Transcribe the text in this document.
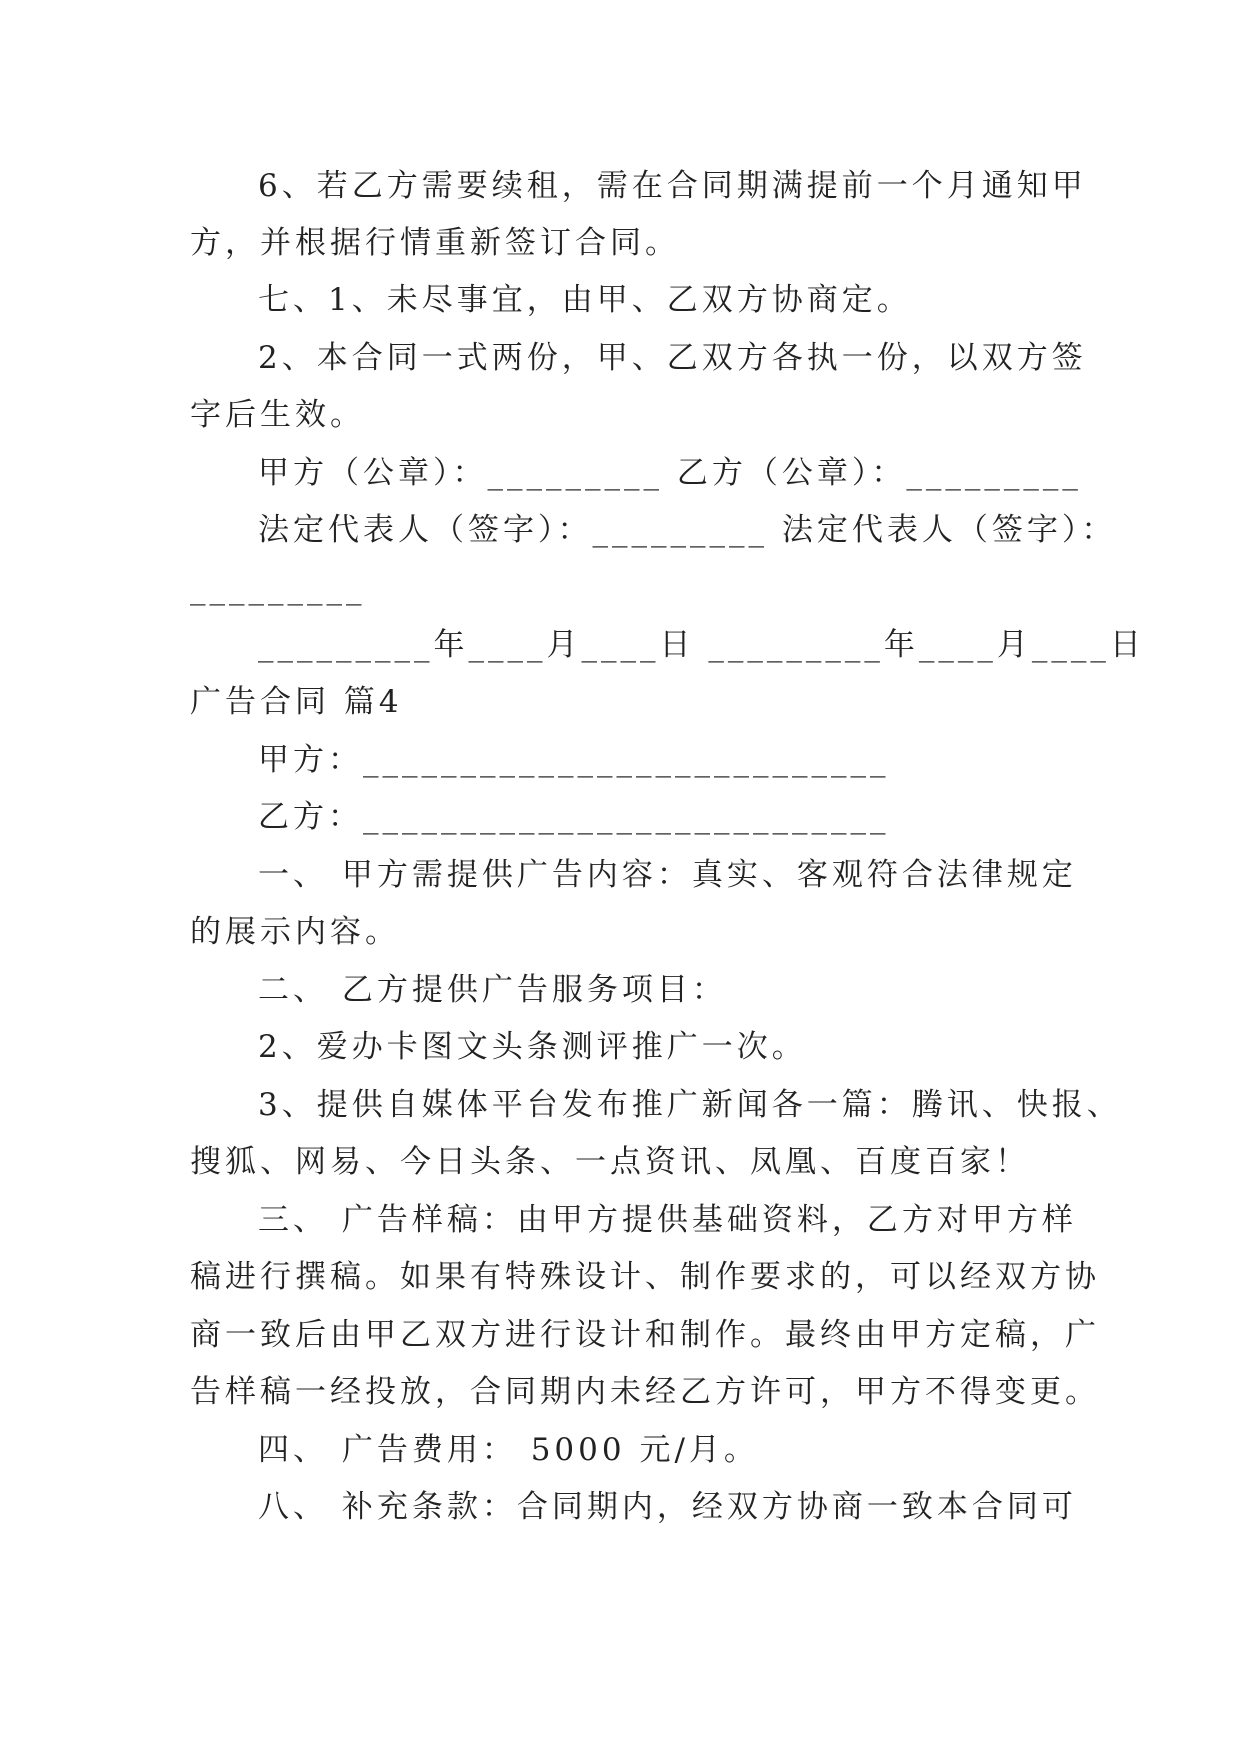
6、若乙方需要续租，需在合同期满提前一个月通知甲
方，并根据行情重新签订合同。
七、1、未尽事宜，由甲、乙双方协商定。
2、本合同一式两份，甲、乙双方各执一份，以双方签
字后生效。
甲方（公章）：_________ 乙方（公章）：_________
法定代表人（签字）：_________ 法定代表人（签字）：
_________
_________年____月____日 _________年____月____日
广告合同 篇4
甲方：___________________________
乙方：___________________________
一、 甲方需提供广告内容：真实、客观符合法律规定
的展示内容。
二、 乙方提供广告服务项目：
2、爱办卡图文头条测评推广一次。
3、提供自媒体平台发布推广新闻各一篇：腾讯、快报、
搜狐、网易、今日头条、一点资讯、凤凰、百度百家！
三、 广告样稿：由甲方提供基础资料，乙方对甲方样
稿进行撰稿。如果有特殊设计、制作要求的，可以经双方协
商一致后由甲乙双方进行设计和制作。最终由甲方定稿，广
告样稿一经投放，合同期内未经乙方许可，甲方不得变更。
四、 广告费用： 5000 元/月。
八、 补充条款：合同期内，经双方协商一致本合同可
